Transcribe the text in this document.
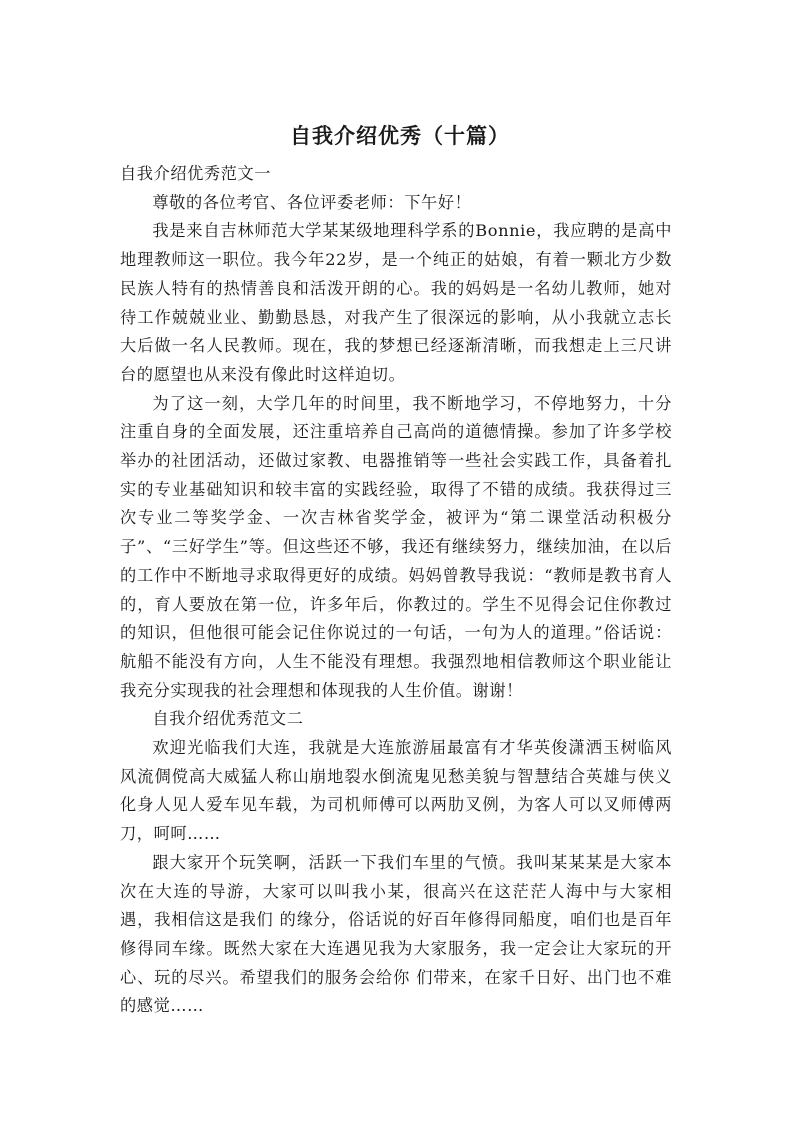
自我介绍优秀（十篇）

自我介绍优秀范文一

尊敬的各位考官、各位评委老师：下午好！

我是来自吉林师范大学某某级地理科学系的Bonnie，我应聘的是高中地理教师这一职位。我今年22岁，是一个纯正的姑娘，有着一颗北方少数民族人特有的热情善良和活泼开朗的心。我的妈妈是一名幼儿教师，她对待工作兢兢业业、勤勤恳恳，对我产生了很深远的影响，从小我就立志长大后做一名人民教师。现在，我的梦想已经逐渐清晰，而我想走上三尺讲台的愿望也从来没有像此时这样迫切。

为了这一刻，大学几年的时间里，我不断地学习，不停地努力，十分注重自身的全面发展，还注重培养自己高尚的道德情操。参加了许多学校举办的社团活动，还做过家教、电器推销等一些社会实践工作，具备着扎实的专业基础知识和较丰富的实践经验，取得了不错的成绩。我获得过三次专业二等奖学金、一次吉林省奖学金，被评为“第二课堂活动积极分子”、“三好学生”等。但这些还不够，我还有继续努力，继续加油，在以后的工作中不断地寻求取得更好的成绩。妈妈曾教导我说：“教师是教书育人的，育人要放在第一位，许多年后，你教过的。学生不见得会记住你教过的知识，但他很可能会记住你说过的一句话，一句为人的道理。”俗话说：航船不能没有方向，人生不能没有理想。我强烈地相信教师这个职业能让我充分实现我的社会理想和体现我的人生价值。谢谢！

自我介绍优秀范文二

欢迎光临我们大连，我就是大连旅游届最富有才华英俊潇洒玉树临风风流倜傥高大威猛人称山崩地裂水倒流鬼见愁美貌与智慧结合英雄与侠义化身人见人爱车见车载，为司机师傅可以两肋叉例，为客人可以叉师傅两刀，呵呵……

跟大家开个玩笑啊，活跃一下我们车里的气愤。我叫某某某是大家本次在大连的导游，大家可以叫我小某，很高兴在这茫茫人海中与大家相遇，我相信这是我们 的缘分，俗话说的好百年修得同船度，咱们也是百年修得同车缘。既然大家在大连遇见我为大家服务，我一定会让大家玩的开心、玩的尽兴。希望我们的服务会给你 们带来，在家千日好、出门也不难的感觉……
